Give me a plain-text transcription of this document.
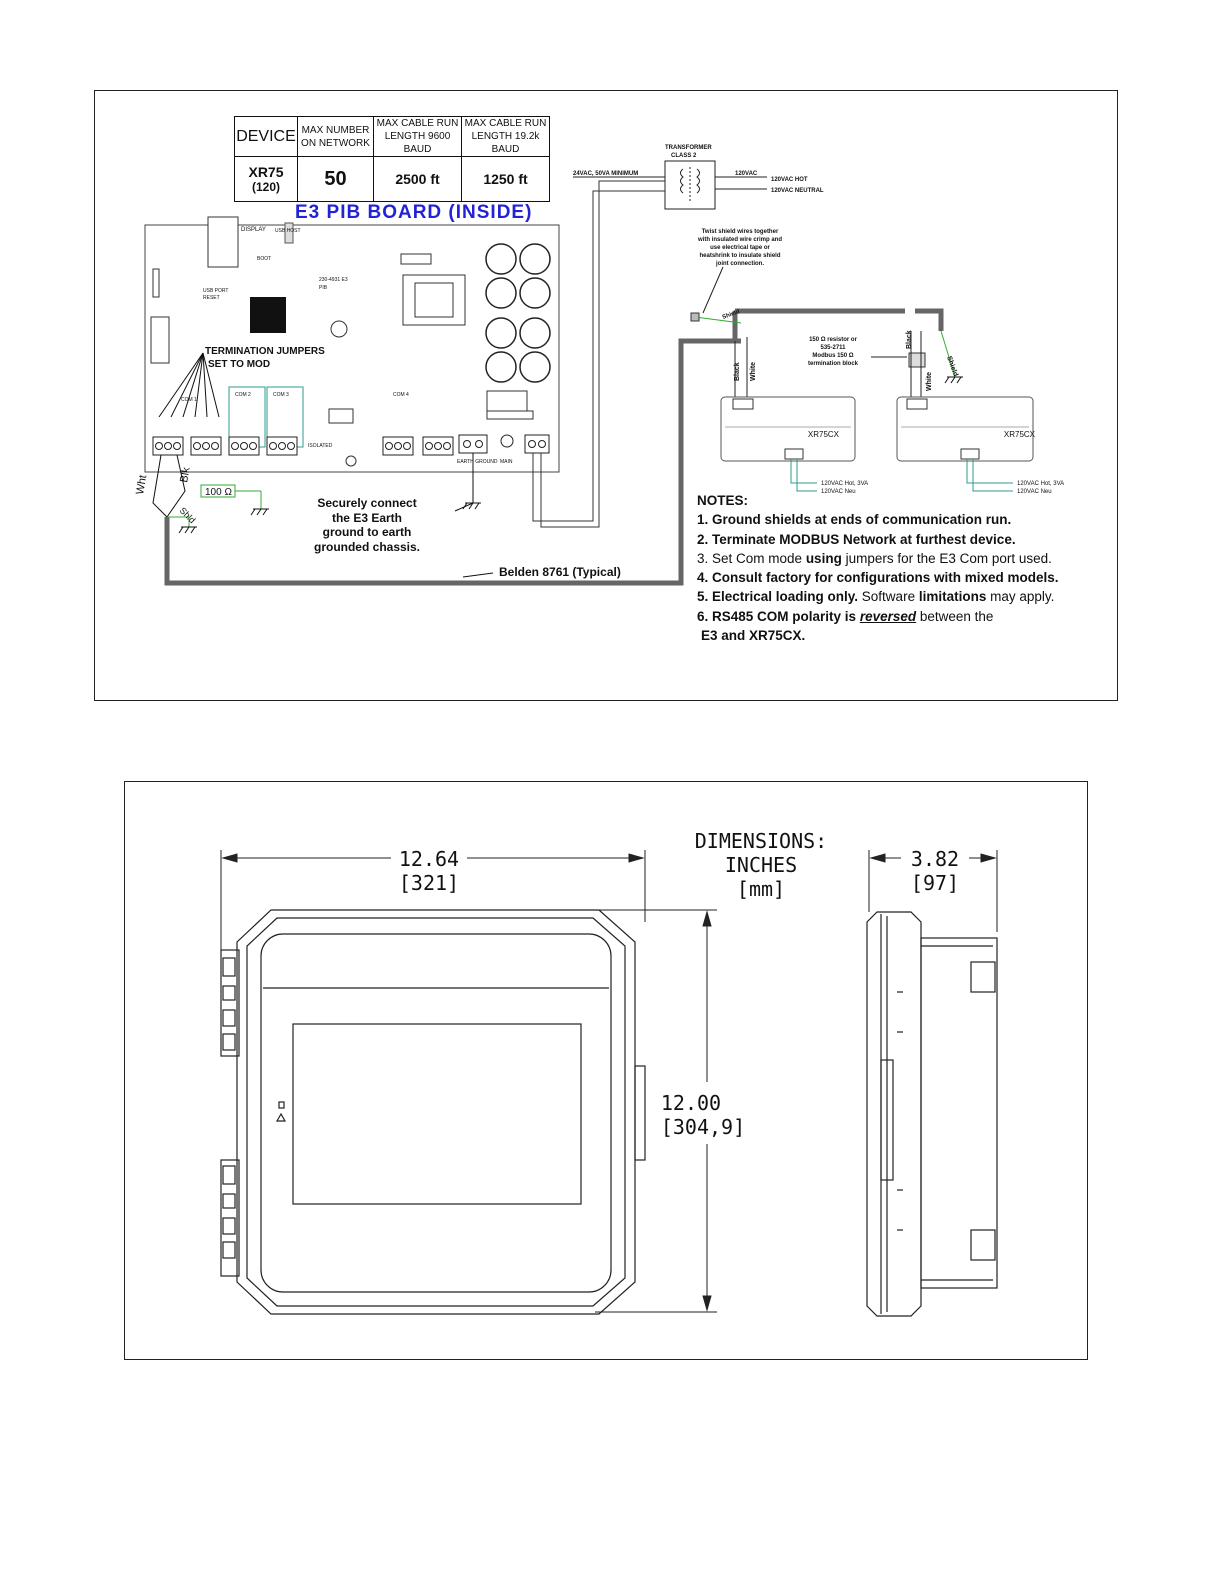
DEVICE	MAX NUMBER ON NETWORK	MAX CABLE RUN LENGTH 9600 BAUD	MAX CABLE RUN LENGTH 19.2k BAUD

XR75
(120)	50	2500 ft	1250 ft
E3 PIB BOARD (INSIDE)
DISPLAY USB HOST
BOOT
USB PORT
RESET
230-4931 E3
PIB
ISOLATED
COM 1
COM 2	COM 3	COM 4
EARTH GROUND MAIN
TERMINATION JUMPERS
SET TO MOD
TRANSFORMER
CLASS 2
24VAC, 50VA MINIMUM	120VAC
120VAC HOT
120VAC NEUTRAL
Twist shield wires together
with insulated wire crimp and
use electrical tape or
heatshrink to insulate shield
joint connection.
Wht	Blk
Shld
100 Ω
Securely connect
the E3 Earth
ground to earth
grounded chassis.
Belden 8761 (Typical)
Shield
Black White
150 Ω resistor or
535-2711
Modbus 150 Ω
termination block
Black
White
Shield
XR75CX
120VAC Hot, 3VA
120VAC Neu
XR75CX
120VAC Hot, 3VA
120VAC Neu
NOTES:
1. Ground shields at ends of communication run.
2. Terminate MODBUS Network at furthest device.
3. Set Com mode using jumpers for the E3 Com port used.
4. Consult factory for configurations with mixed models.
5. Electrical loading only. Software limitations may apply.
6. RS485 COM polarity is reversed between the
E3 and XR75CX.
DIMENSIONS:
INCHES
[mm]
12.64
[321]
3.82
[97]
12.00
[304,9]
